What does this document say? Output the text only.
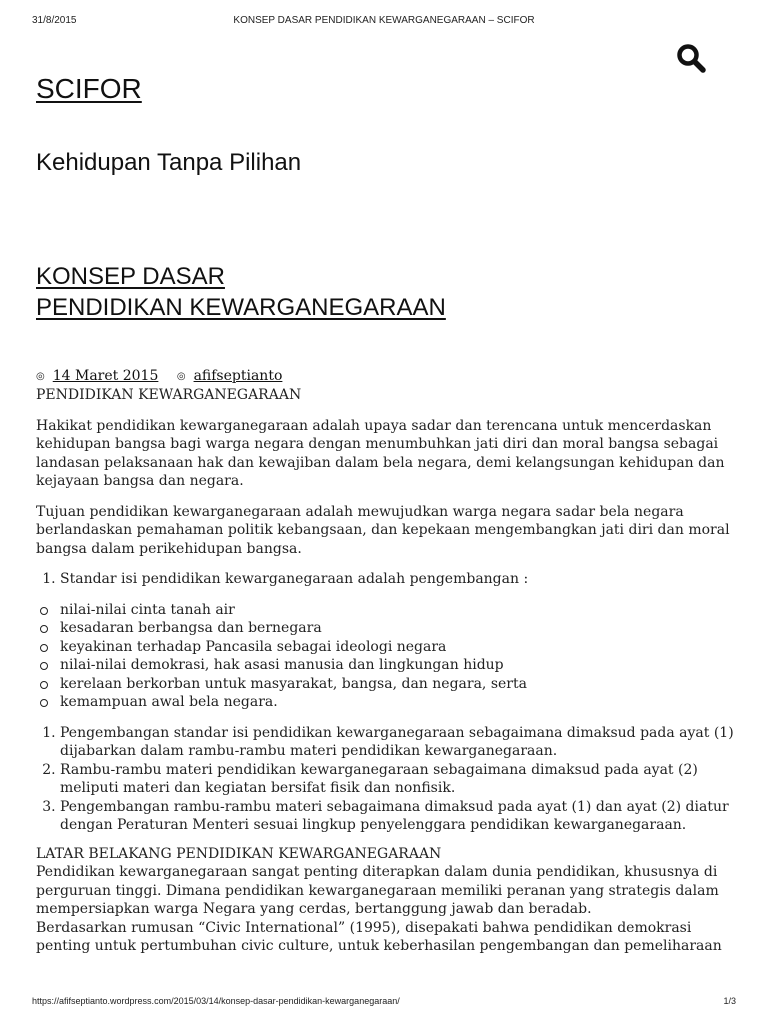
31/8/2015	KONSEP DASAR PENDIDIKAN KEWARGANEGARAAN – SCIFOR
SCIFOR
Kehidupan Tanpa Pilihan
KONSEP DASAR
PENDIDIKAN KEWARGANEGARAAN
◎ 14 Maret 2015 ◎ afifseptianto

PENDIDIKAN KEWARGANEGARAAN

Hakikat pendidikan kewarganegaraan adalah upaya sadar dan terencana untuk mencerdaskan kehidupan bangsa bagi warga negara dengan menumbuhkan jati diri dan moral bangsa sebagai landasan pelaksanaan hak dan kewajiban dalam bela negara, demi kelangsungan kehidupan dan kejayaan bangsa dan negara.

Tujuan pendidikan kewarganegaraan adalah mewujudkan warga negara sadar bela negara berlandaskan pemahaman politik kebangsaan, dan kepekaan mengembangkan jati diri dan moral bangsa dalam perikehidupan bangsa.

1. Standar isi pendidikan kewarganegaraan adalah pengembangan :
nilai-nilai cinta tanah air
kesadaran berbangsa dan bernegara
keyakinan terhadap Pancasila sebagai ideologi negara
nilai-nilai demokrasi, hak asasi manusia dan lingkungan hidup
kerelaan berkorban untuk masyarakat, bangsa, dan negara, serta
kemampuan awal bela negara.
1. Pengembangan standar isi pendidikan kewarganegaraan sebagaimana dimaksud pada ayat (1) dijabarkan dalam rambu-rambu materi pendidikan kewarganegaraan.
2. Rambu-rambu materi pendidikan kewarganegaraan sebagaimana dimaksud pada ayat (2) meliputi materi dan kegiatan bersifat fisik dan nonfisik.
3. Pengembangan rambu-rambu materi sebagaimana dimaksud pada ayat (1) dan ayat (2) diatur dengan Peraturan Menteri sesuai lingkup penyelenggara pendidikan kewarganegaraan.

LATAR BELAKANG PENDIDIKAN KEWARGANEGARAAN

Pendidikan kewarganegaraan sangat penting diterapkan dalam dunia pendidikan, khususnya di perguruan tinggi. Dimana pendidikan kewarganegaraan memiliki peranan yang strategis dalam mempersiapkan warga Negara yang cerdas, bertanggung jawab dan beradab.

Berdasarkan rumusan “Civic International” (1995), disepakati bahwa pendidikan demokrasi penting untuk pertumbuhan civic culture, untuk keberhasilan pengembangan dan pemeliharaan

https://afifseptianto.wordpress.com/2015/03/14/konsep-dasar-pendidikan-kewarganegaraan/	1/3
